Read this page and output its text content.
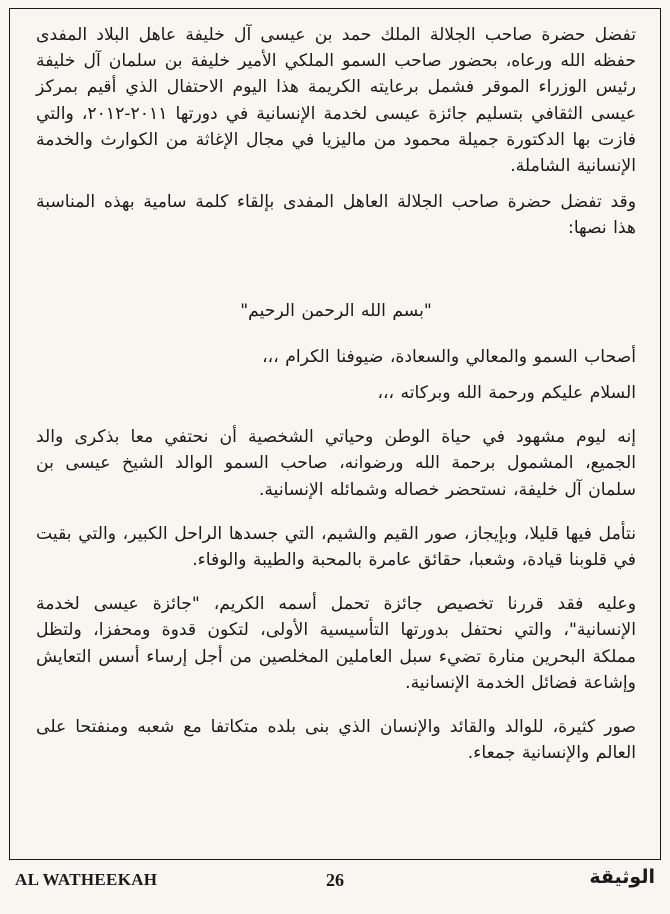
تفضل حضرة صاحب الجلالة الملك حمد بن عيسى آل خليفة عاهل البلاد المفدى حفظه الله ورعاه، بحضور صاحب السمو الملكي الأمير خليفة بن سلمان آل خليفة رئيس الوزراء الموقر فشمل برعايته الكريمة هذا اليوم الاحتفال الذي أقيم بمركز عيسى الثقافي بتسليم جائزة عيسى لخدمة الإنسانية في دورتها ٢٠١١-٢٠١٢، والتي فازت بها الدكتورة جميلة محمود من ماليزيا في مجال الإغاثة من الكوارث والخدمة الإنسانية الشاملة.

وقد تفضل حضرة صاحب الجلالة العاهل المفدى بإلقاء كلمة سامية بهذه المناسبة هذا نصها:

"بسم الله الرحمن الرحيم"

أصحاب السمو والمعالي والسعادة، ضيوفنا الكرام ،،،

السلام عليكم ورحمة الله وبركاته ،،،

إنه ليوم مشهود في حياة الوطن وحياتي الشخصية أن نحتفي معا بذكرى والد الجميع، المشمول برحمة الله ورضوانه، صاحب السمو الوالد الشيخ عيسى بن سلمان آل خليفة، نستحضر خصاله وشمائله الإنسانية.

نتأمل فيها قليلا، وبإيجاز، صور القيم والشيم، التي جسدها الراحل الكبير، والتي بقيت في قلوبنا قيادة، وشعبا، حقائق عامرة بالمحبة والطيبة والوفاء.

وعليه فقد قررنا تخصيص جائزة تحمل أسمه الكريم، "جائزة عيسى لخدمة الإنسانية"، والتي نحتفل بدورتها التأسيسية الأولى، لتكون قدوة ومحفزا، ولتظل مملكة البحرين منارة تضيء سبل العاملين المخلصين من أجل إرساء أسس التعايش وإشاعة فضائل الخدمة الإنسانية.

صور كثيرة، للوالد والقائد والإنسان الذي بنى بلده متكاتفا مع شعبه ومنفتحا على العالم والإنسانية جمعاء.

AL WATHEEKAH	26	الوثيقة
